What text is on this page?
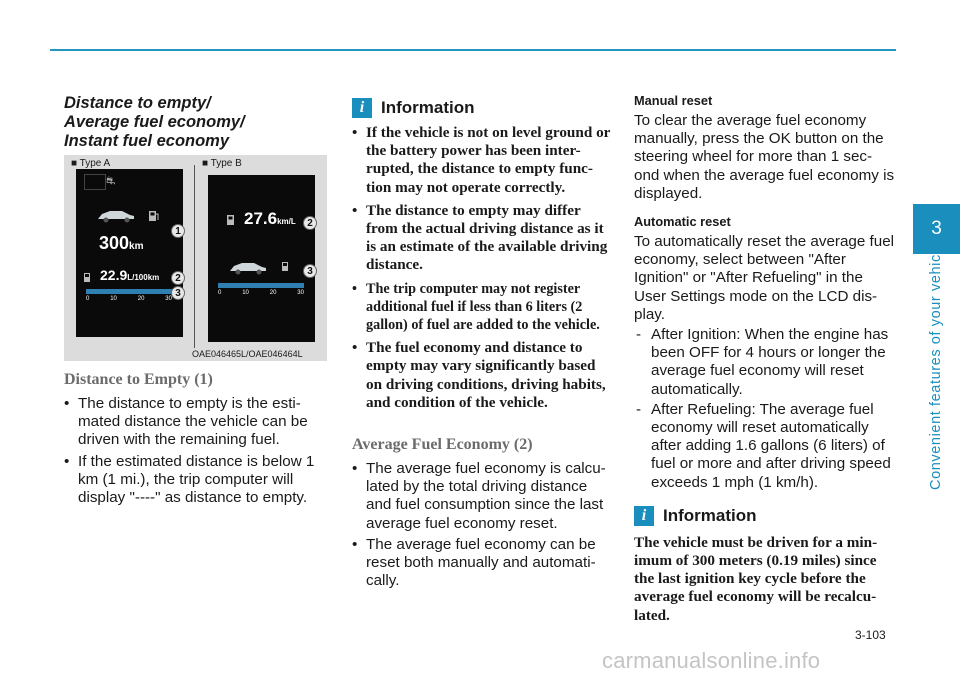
3
Convenient features of your vehicle
Distance to empty/
Average fuel economy/
Instant fuel economy
■ Type A	■ Type B
⛐
300km
22.9L/100km
0	10	20	30
1
2
3
27.6km/L
0	10	20	30
2
3
OAE046465L/OAE046464L
Distance to Empty (1)
• The distance to empty is the esti-mated distance the vehicle can be driven with the remaining fuel.
• If the estimated distance is below 1 km (1 mi.), the trip computer will display "----" as distance to empty.
i Information
• If the vehicle is not on level ground or the battery power has been inter-rupted, the distance to empty func-tion may not operate correctly.
• The distance to empty may differ from the actual driving distance as it is an estimate of the available driving distance.
• The trip computer may not register additional fuel if less than 6 liters (2 gallon) of fuel are added to the vehicle.
• The fuel economy and distance to empty may vary significantly based on driving conditions, driving habits, and condition of the vehicle.
Average Fuel Economy (2)
• The average fuel economy is calcu-lated by the total driving distance and fuel consumption since the last average fuel economy reset.
• The average fuel economy can be reset both manually and automati-cally.
Manual reset
To clear the average fuel economy manually, press the OK button on the steering wheel for more than 1 sec-ond when the average fuel economy is displayed.
Automatic reset
To automatically reset the average fuel economy, select between "After Ignition" or "After Refueling" in the User Settings mode on the LCD dis-play.
- After Ignition: When the engine has been OFF for 4 hours or longer the average fuel economy will reset automatically.
- After Refueling: The average fuel economy will reset automatically after adding 1.6 gallons (6 liters) of fuel or more and after driving speed exceeds 1 mph (1 km/h).
i Information
The vehicle must be driven for a min-imum of 300 meters (0.19 miles) since the last ignition key cycle before the average fuel economy will be recalcu-lated.
3-103
carmanualsonline.info
